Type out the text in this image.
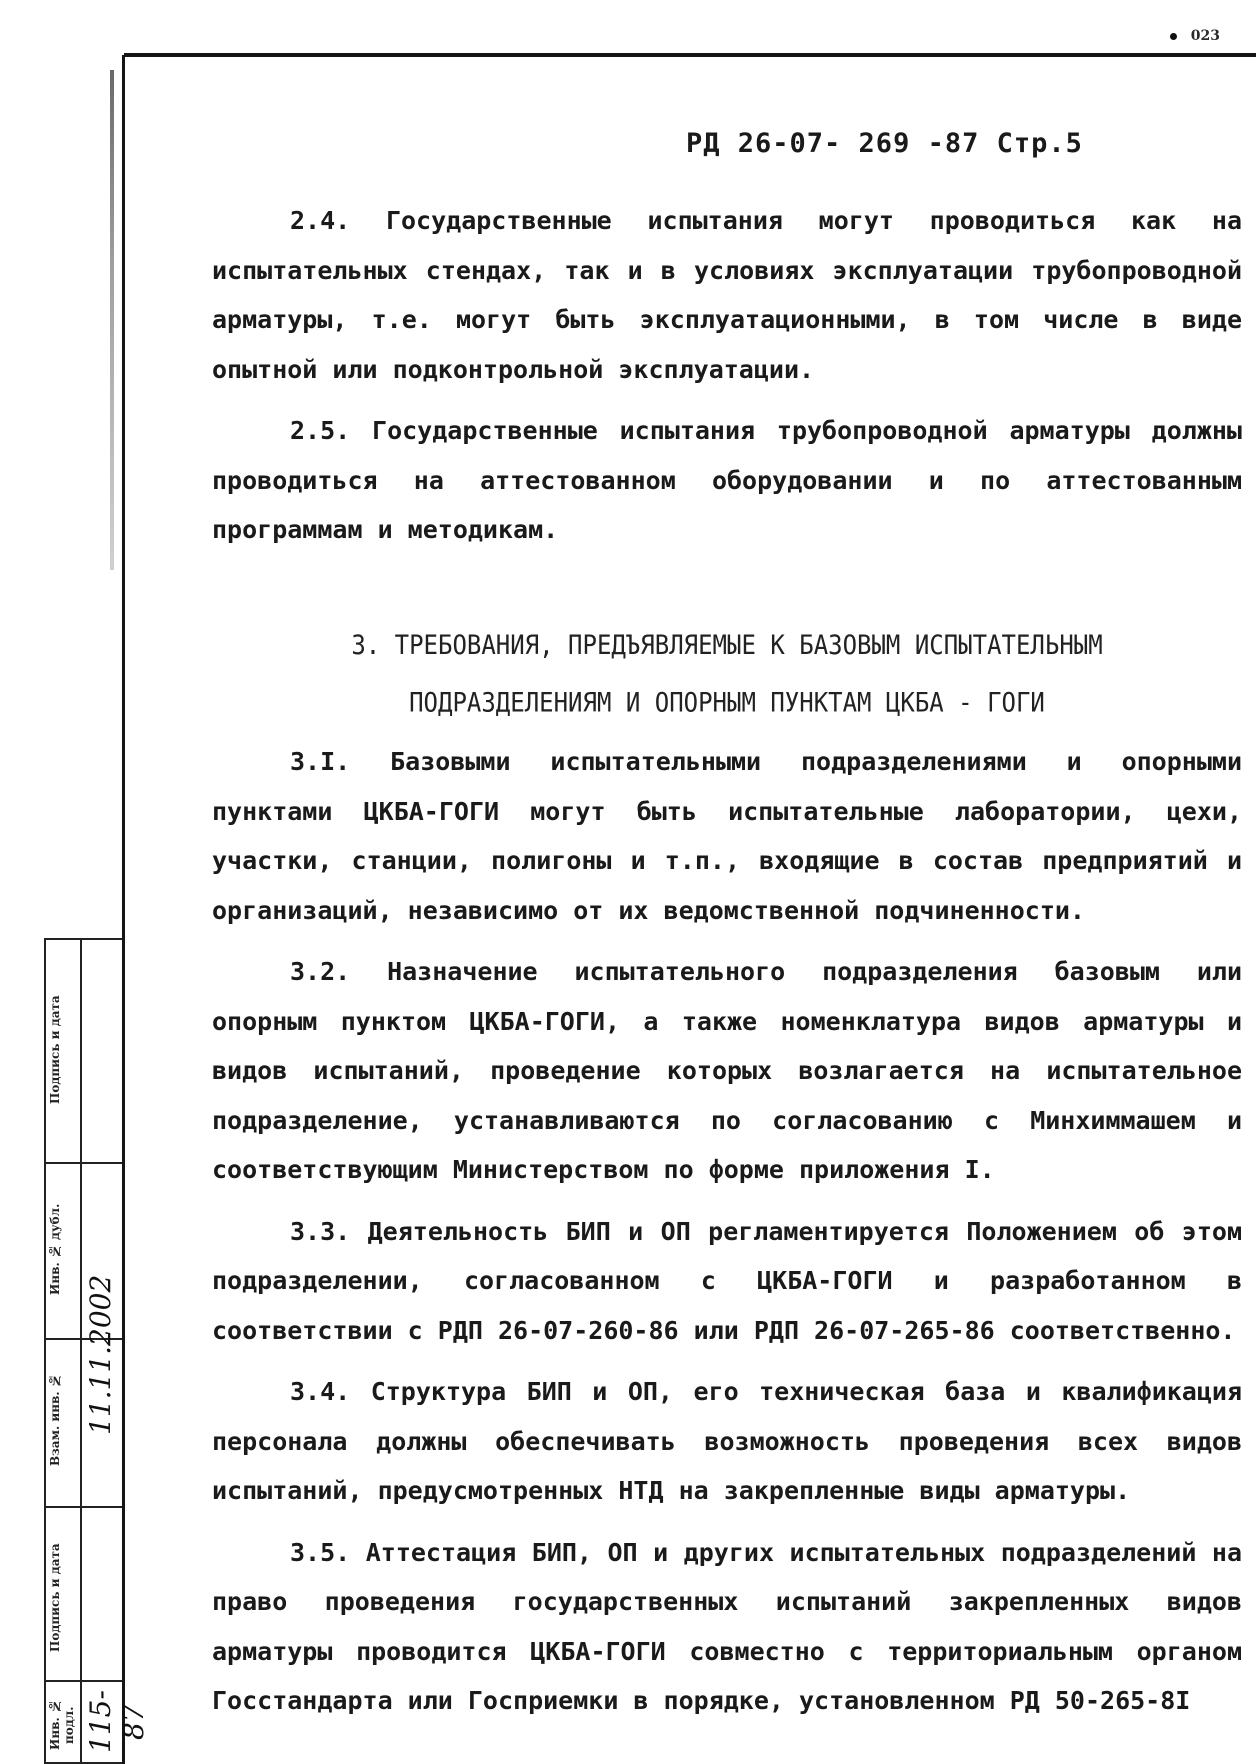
023
РД 26-07- 269 -87 Стр.5

2.4. Государственные испытания могут проводиться как на испытательных стендах, так и в условиях эксплуатации трубопроводной арматуры, т.е. могут быть эксплуатационными, в том числе в виде опытной или подконтрольной эксплуатации.

2.5. Государственные испытания трубопроводной арматуры должны проводиться на аттестованном оборудовании и по аттестованным программам и методикам.

3. ТРЕБОВАНИЯ, ПРЕДЪЯВЛЯЕМЫЕ К БАЗОВЫМ ИСПЫТАТЕЛЬНЫМ
ПОДРАЗДЕЛЕНИЯМ И ОПОРНЫМ ПУНКТАМ ЦКБА - ГОГИ

3.I. Базовыми испытательными подразделениями и опорными пунктами ЦКБА-ГОГИ могут быть испытательные лаборатории, цехи, участки, станции, полигоны и т.п., входящие в состав предприятий и организаций, независимо от их ведомственной подчиненности.

3.2. Назначение испытательного подразделения базовым или опорным пунктом ЦКБА-ГОГИ, а также номенклатура видов арматуры и видов испытаний, проведение которых возлагается на испытательное подразделение, устанавливаются по согласованию с Минхиммашем и соответствующим Министерством по форме приложения I.

3.3. Деятельность БИП и ОП регламентируется Положением об этом подразделении, согласованном с ЦКБА-ГОГИ и разработанном в соответствии с РДП 26-07-260-86 или РДП 26-07-265-86 соответственно.

3.4. Структура БИП и ОП, его техническая база и квалификация персонала должны обеспечивать возможность проведения всех видов испытаний, предусмотренных НТД на закрепленные виды арматуры.

3.5. Аттестация БИП, ОП и других испытательных подразделений на право проведения государственных испытаний закрепленных видов арматуры проводится ЦКБА-ГОГИ совместно с территориальным органом Госстандарта или Госприемки в порядке, установленном РД 50-265-8I

Подпись и дата
Инв. № дубл.
Взам. инв. №
Подпись и дата
11.11.2002
Инв. № подл. 115-87
